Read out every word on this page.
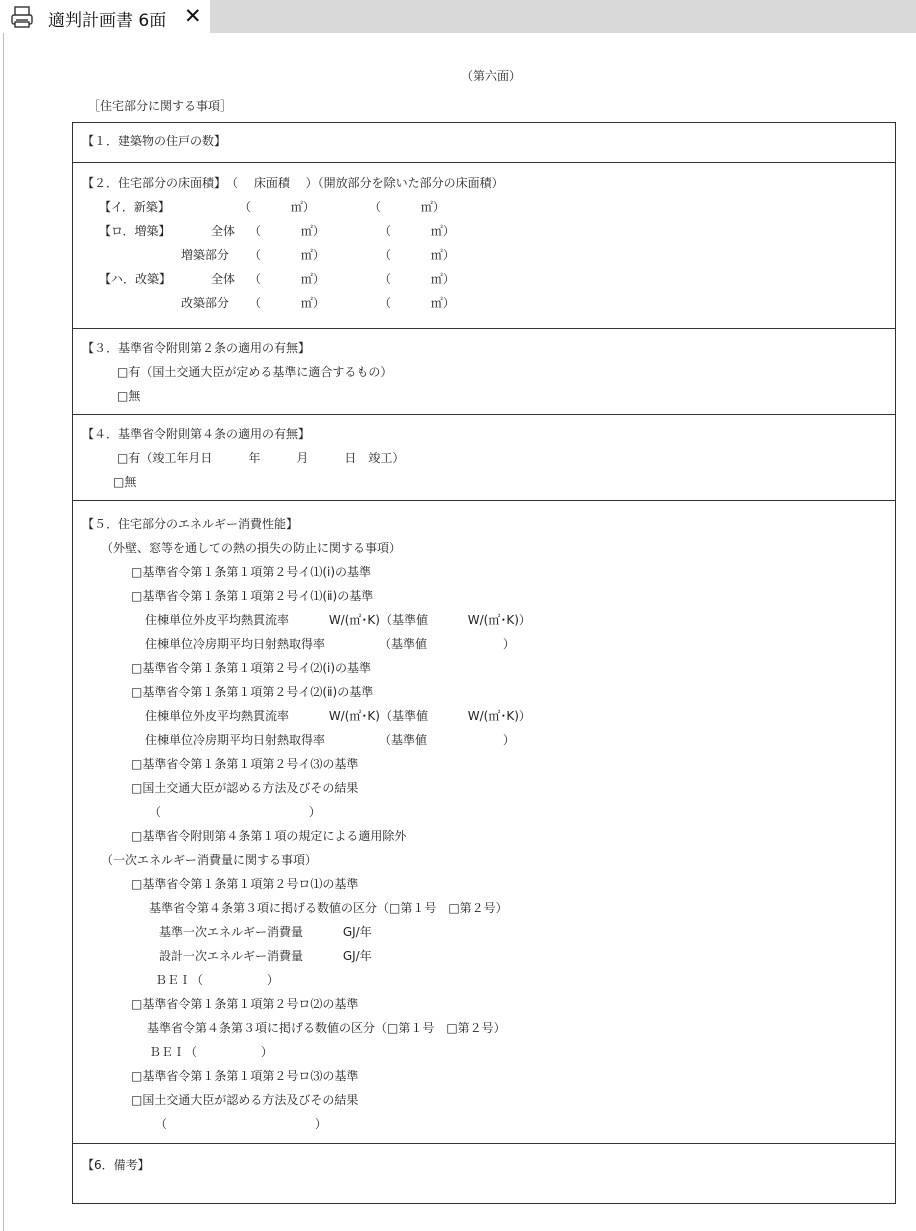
適判計画書 6面 ✕
（第六面）
［住宅部分に関する事項］
【１．建築物の住戸の数】
【２．住宅部分の床面積】　（　 床面積　 ）（開放部分を除いた部分の床面積）
【イ．新築】	（　　　 ㎡）	（　　　 ㎡）
【ロ．増築】	全体 （　　　 ㎡）	（　　　 ㎡）
増築部分 （　　　 ㎡）	（　　　 ㎡）
【ハ．改築】	全体 （　　　 ㎡）	（　　　 ㎡）
改築部分 （　　　 ㎡）	（　　　 ㎡）
【３．基準省令附則第２条の適用の有無】
□有（国土交通大臣が定める基準に適合するもの）
□無
【４．基準省令附則第４条の適用の有無】
□有（竣工年月日　　　年　　　月　　　日　竣工）
□無
【５．住宅部分のエネルギー消費性能】
（外壁、窓等を通しての熱の損失の防止に関する事項）
□基準省令第１条第１項第２号イ⑴(ⅰ)の基準
□基準省令第１条第１項第２号イ⑴(ⅱ)の基準
住棟単位外皮平均熱貫流率　　　 W/(㎡･K)（基準値　　　 W/(㎡･K)）
住棟単位冷房期平均日射熱取得率　　　　　（基準値　　　　　　 ）
□基準省令第１条第１項第２号イ⑵(ⅰ)の基準
□基準省令第１条第１項第２号イ⑵(ⅱ)の基準
住棟単位外皮平均熱貫流率　　　 W/(㎡･K)（基準値　　　 W/(㎡･K)）
住棟単位冷房期平均日射熱取得率　　　　　（基準値　　　　　　 ）
□基準省令第１条第１項第２号イ⑶の基準
□国土交通大臣が認める方法及びその結果
（　　　　　　　　　　　　 ）
□基準省令附則第４条第１項の規定による適用除外
（一次エネルギー消費量に関する事項）
□基準省令第１条第１項第２号ロ⑴の基準
基準省令第４条第３項に掲げる数値の区分（□第１号　□第２号）
基準一次エネルギー消費量　　　 GJ/年
設計一次エネルギー消費量　　　 GJ/年
ＢＥＩ（　　　　　 ）
□基準省令第１条第１項第２号ロ⑵の基準
基準省令第４条第３項に掲げる数値の区分（□第１号　□第２号）
ＢＥＩ（　　　　　 ）
□基準省令第１条第１項第２号ロ⑶の基準
□国土交通大臣が認める方法及びその結果
（　　　　　　　　　　　　 ）
【6．備考】
